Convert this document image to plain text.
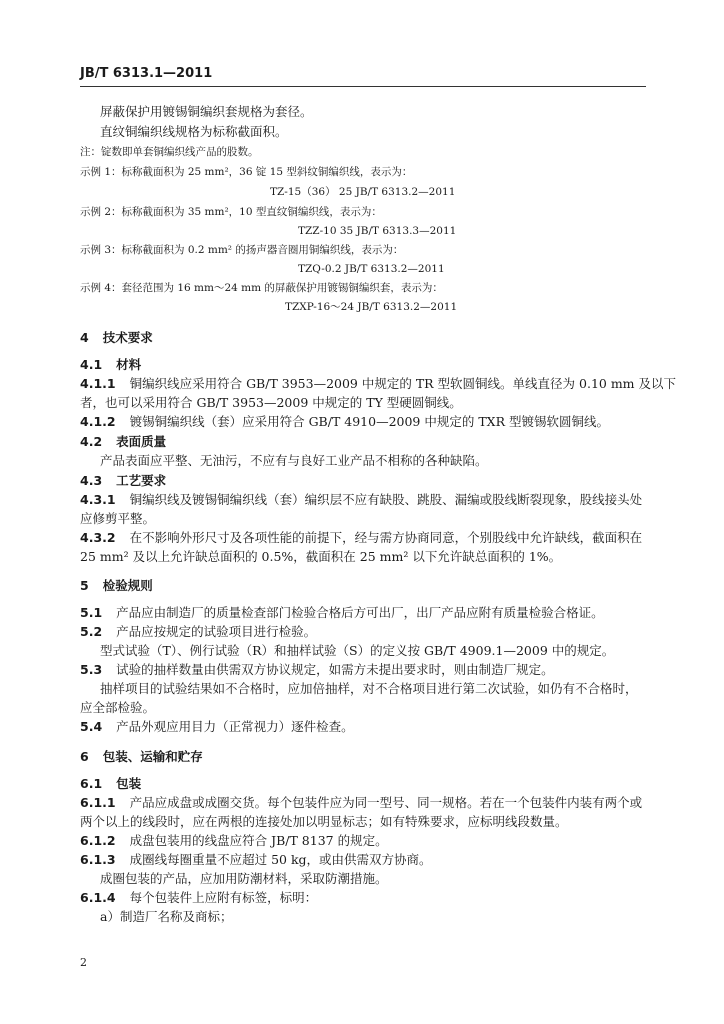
JB/T 6313.1—2011
屏蔽保护用镀锡铜编织套规格为套径。
直纹铜编织线规格为标称截面积。
注：锭数即单套铜编织线产品的股数。
示例 1：标称截面积为 25 mm²，36 锭 15 型斜纹铜编织线，表示为：
示例 2：标称截面积为 35 mm²，10 型直纹铜编织线，表示为：
示例 3：标称截面积为 0.2 mm² 的扬声器音圈用铜编织线，表示为：
示例 4：套径范围为 16 mm～24 mm 的屏蔽保护用镀锡铜编织套，表示为：
4 技术要求
4.1 材料
4.1.1 铜编织线应采用符合 GB/T 3953—2009 中规定的 TR 型软圆铜线。单线直径为 0.10 mm 及以下
者，也可以采用符合 GB/T 3953—2009 中规定的 TY 型硬圆铜线。
4.1.2 镀锡铜编织线（套）应采用符合 GB/T 4910—2009 中规定的 TXR 型镀锡软圆铜线。
4.2 表面质量
产品表面应平整、无油污，不应有与良好工业产品不相称的各种缺陷。
4.3 工艺要求
4.3.1 铜编织线及镀锡铜编织线（套）编织层不应有缺股、跳股、漏编或股线断裂现象，股线接头处
应修剪平整。
4.3.2 在不影响外形尺寸及各项性能的前提下，经与需方协商同意，个别股线中允许缺线，截面积在
25 mm² 及以上允许缺总面积的 0.5%，截面积在 25 mm² 以下允许缺总面积的 1%。
5 检验规则
5.1 产品应由制造厂的质量检查部门检验合格后方可出厂，出厂产品应附有质量检验合格证。
5.2 产品应按规定的试验项目进行检验。
型式试验（T）、例行试验（R）和抽样试验（S）的定义按 GB/T 4909.1—2009 中的规定。
5.3 试验的抽样数量由供需双方协议规定，如需方未提出要求时，则由制造厂规定。
抽样项目的试验结果如不合格时，应加倍抽样，对不合格项目进行第二次试验，如仍有不合格时，
应全部检验。
5.4 产品外观应用目力（正常视力）逐件检查。
6 包装、运输和贮存
6.1 包装
6.1.1 产品应成盘或成圈交货。每个包装件应为同一型号、同一规格。若在一个包装件内装有两个或
两个以上的线段时，应在两根的连接处加以明显标志；如有特殊要求，应标明线段数量。
6.1.2 成盘包装用的线盘应符合 JB/T 8137 的规定。
6.1.3 成圈线每圈重量不应超过 50 kg，或由供需双方协商。
成圈包装的产品，应加用防潮材料，采取防潮措施。
6.1.4 每个包装件上应附有标签，标明：
a）制造厂名称及商标；
TZ-15（36） 25 JB/T 6313.2—2011
TZZ-10 35 JB/T 6313.3—2011
TZQ-0.2 JB/T 6313.2—2011
TZXP-16～24 JB/T 6313.2—2011
2
